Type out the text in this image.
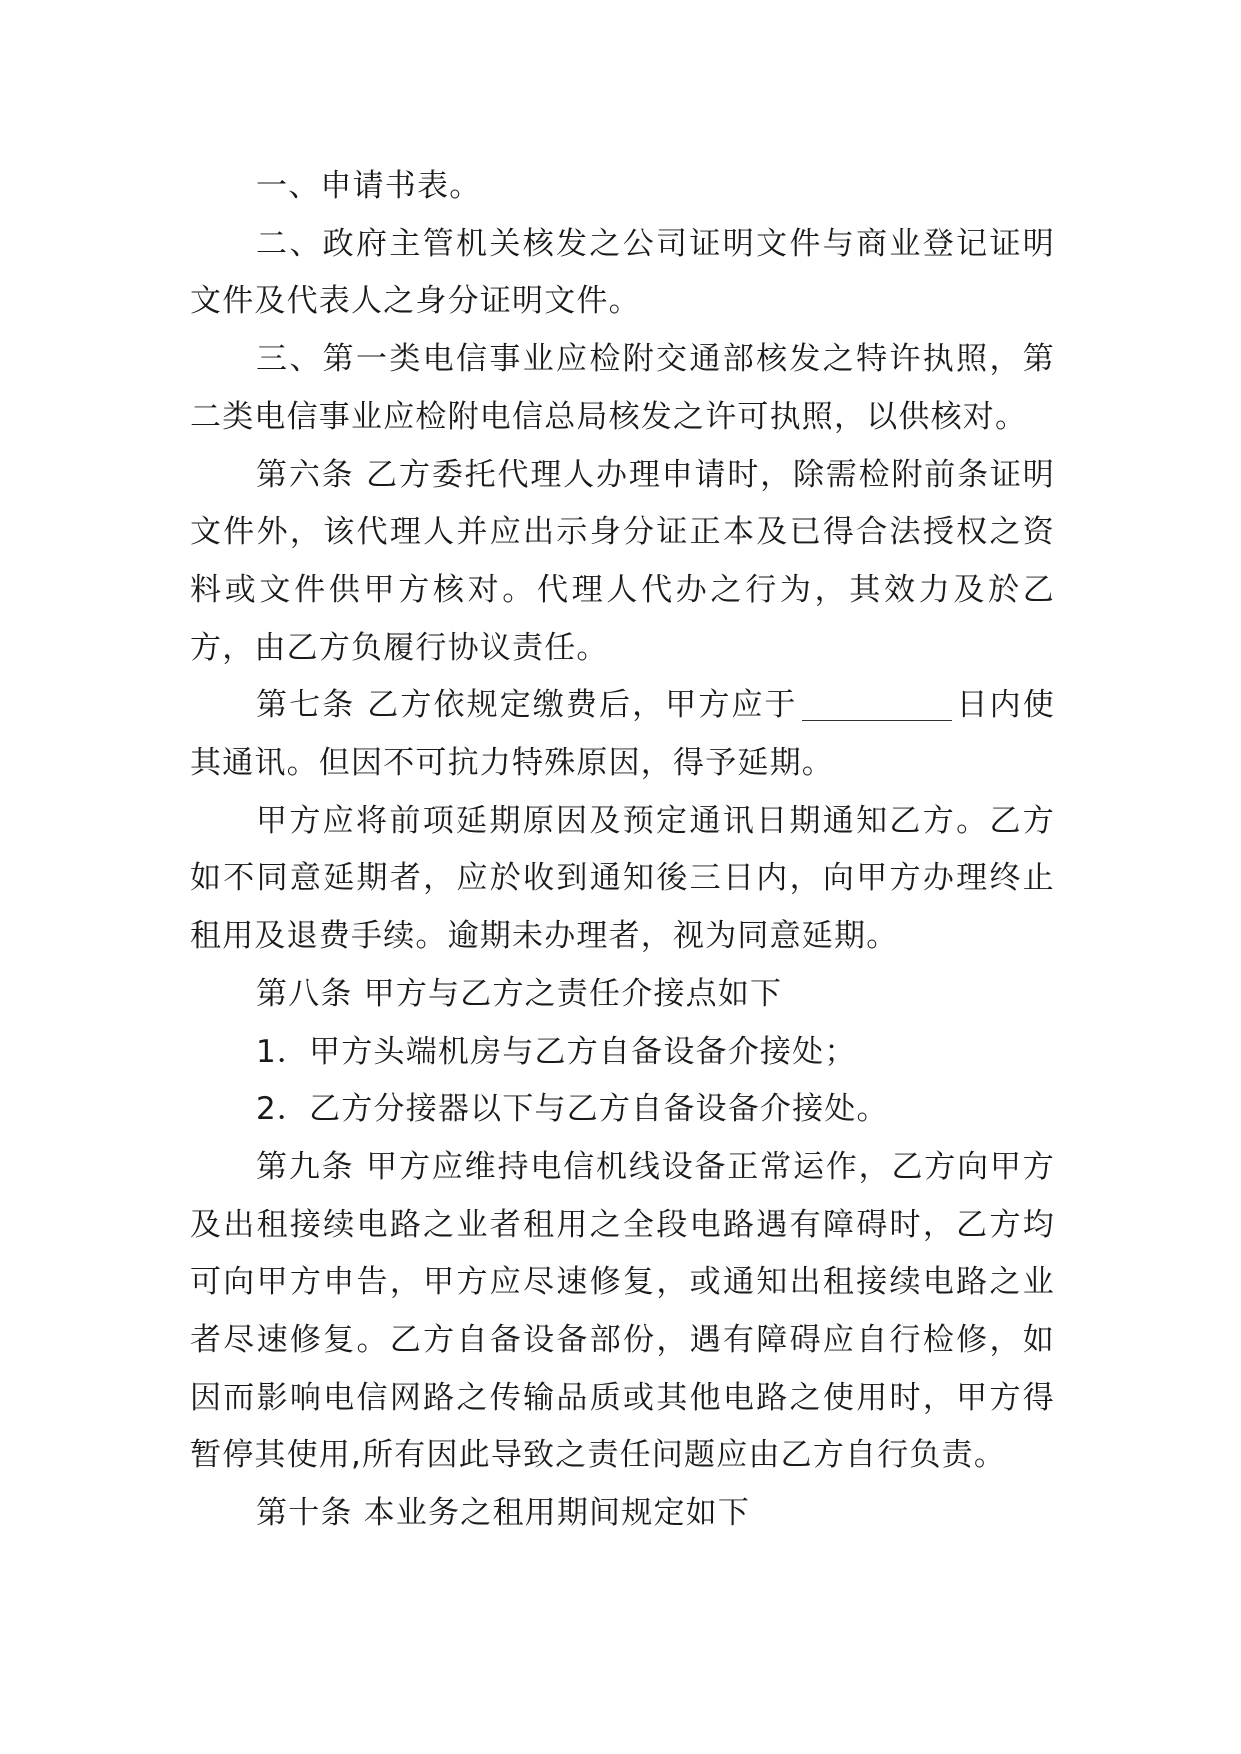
一、申请书表。

二、政府主管机关核发之公司证明文件与商业登记证明文件及代表人之身分证明文件。

三、第一类电信事业应检附交通部核发之特许执照，第二类电信事业应检附电信总局核发之许可执照，以供核对。

第六条 乙方委托代理人办理申请时，除需检附前条证明文件外，该代理人并应出示身分证正本及已得合法授权之资料或文件供甲方核对。代理人代办之行为，其效力及於乙方，由乙方负履行协议责任。

第七条 乙方依规定缴费后，甲方应于	日内使其通讯。但因不可抗力特殊原因，得予延期。

甲方应将前项延期原因及预定通讯日期通知乙方。乙方如不同意延期者，应於收到通知後三日内，向甲方办理终止租用及退费手续。逾期未办理者，视为同意延期。

第八条 甲方与乙方之责任介接点如下

1．甲方头端机房与乙方自备设备介接处；

2．乙方分接器以下与乙方自备设备介接处。

第九条 甲方应维持电信机线设备正常运作，乙方向甲方及出租接续电路之业者租用之全段电路遇有障碍时，乙方均可向甲方申告，甲方应尽速修复，或通知出租接续电路之业者尽速修复。乙方自备设备部份，遇有障碍应自行检修，如因而影响电信网路之传输品质或其他电路之使用时，甲方得暂停其使用,所有因此导致之责任问题应由乙方自行负责。

第十条 本业务之租用期间规定如下
